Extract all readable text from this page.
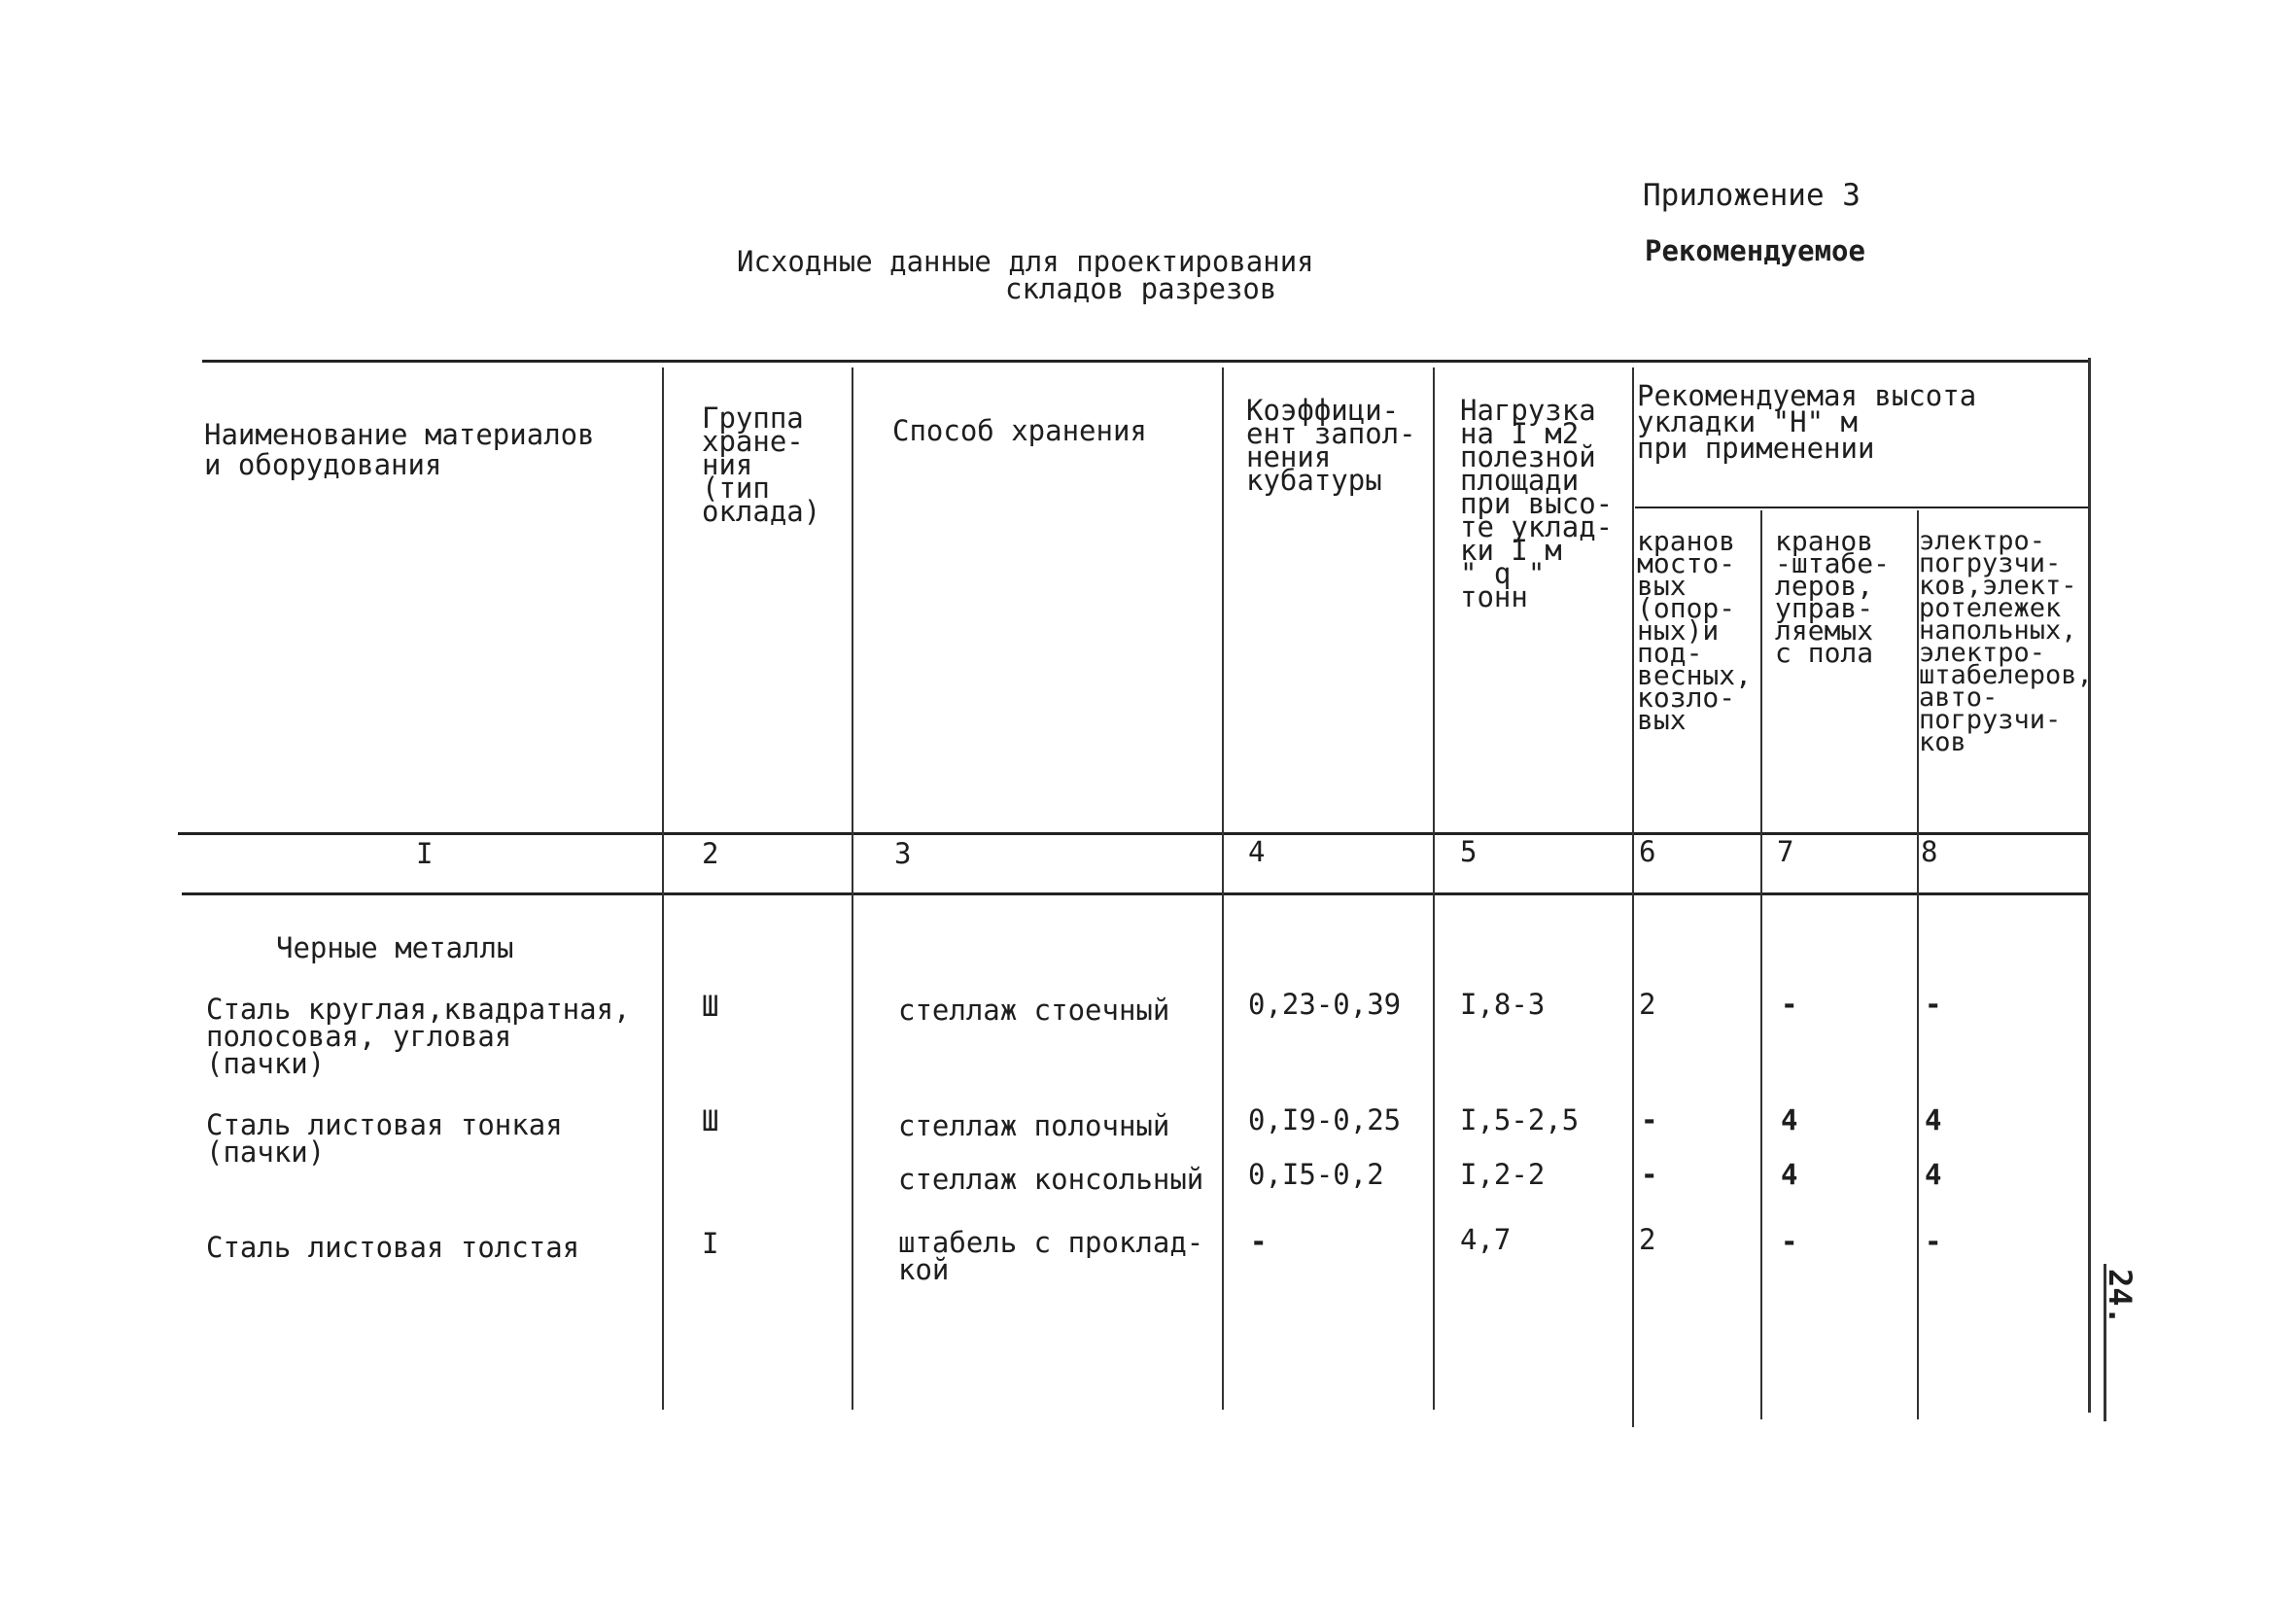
Приложение 3
Рекомендуемое
Исходные данные для проектирования
складов разрезов
Наименование материалов
и оборудования
Группа
хране-
ния
(тип
оклада)
Способ хранения
Коэффици-
ент запол-
нения
кубатуры
Нагрузка
на I м2
полезной
площади
при высо-
те уклад-
ки I м
" q "
тонн
Рекомендуемая высота
укладки "Н" м
при применении
кранов
мосто-
вых
(опор-
ных)и
под-
весных,
козло-
вых
кранов
-штабе-
леров,
управ-
ляемых
с пола
электро-
погрузчи-
ков,элект-
ротележек
напольных,
электро-
штабелеров,
авто-
погрузчи-
ков
I	2	3	4	5	6	7	8
Черные металлы
Сталь круглая,квадратная,
полосовая, угловая
(пачки)
Ш	стеллаж стоечный	0,23-0,39 I,8-3	2	-	-
Сталь листовая тонкая
(пачки)
Ш	стеллаж полочный	0,I9-0,25 I,5-2,5 -	4	4
стеллаж консольный 0,I5-0,2	I,2-2	-	4	4
Сталь листовая толстая	I	штабель с проклад-
кой
-	4,7	2	-	-
24.
